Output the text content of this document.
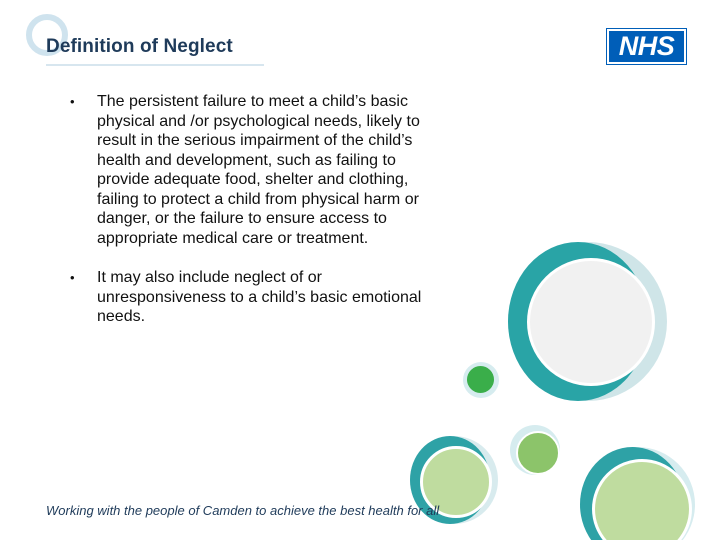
Definition of Neglect	NHS
• The persistent failure to meet a child’s basic
physical and /or psychological needs, likely to
result in the serious impairment of the child’s
health and development, such as failing to
provide adequate food, shelter and clothing,
failing to protect a child from physical harm or
danger, or the failure to ensure access to
appropriate medical care or treatment.
• It may also include neglect of or
unresponsiveness to a child’s basic emotional
needs.

Working with the people of Camden to achieve the best health for all
